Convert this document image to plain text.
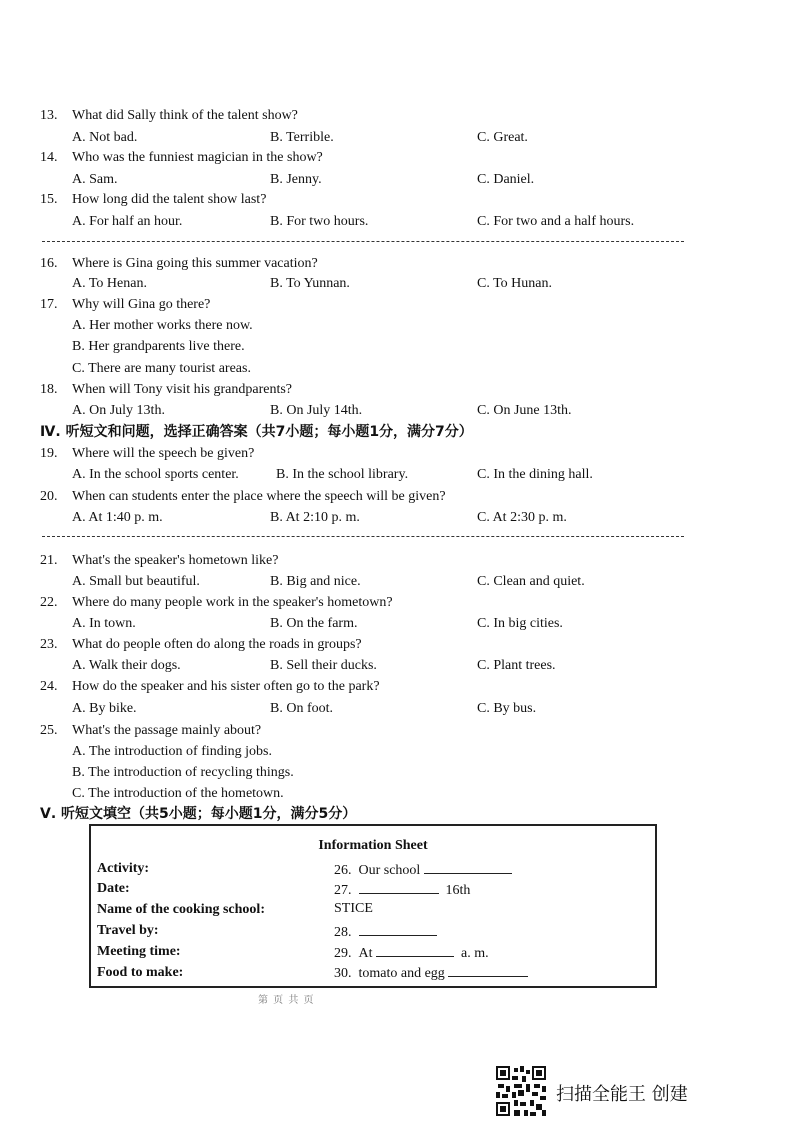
13. What did Sally think of the talent show?
A. Not bad.	B. Terrible.	C. Great.
14. Who was the funniest magician in the show?
A. Sam.	B. Jenny.	C. Daniel.
15. How long did the talent show last?
A. For half an hour.	B. For two hours.	C. For two and a half hours.
16. Where is Gina going this summer vacation?
A. To Henan.	B. To Yunnan.	C. To Hunan.
17. Why will Gina go there?
A. Her mother works there now.
B. Her grandparents live there.
C. There are many tourist areas.
18. When will Tony visit his grandparents?
A. On July 13th.	B. On July 14th.	C. On June 13th.
Ⅳ. 听短文和问题，选择正确答案（共7小题；每小题1分，满分7分）
19. Where will the speech be given?
A. In the school sports center.	B. In the school library.	C. In the dining hall.
20. When can students enter the place where the speech will be given?
A. At 1:40 p. m.	B. At 2:10 p. m.	C. At 2:30 p. m.
21. What's the speaker's hometown like?
A. Small but beautiful.	B. Big and nice.	C. Clean and quiet.
22. Where do many people work in the speaker's hometown?
A. In town.	B. On the farm.	C. In big cities.
23. What do people often do along the roads in groups?
A. Walk their dogs.	B. Sell their ducks.	C. Plant trees.
24. How do the speaker and his sister often go to the park?
A. By bike.	B. On foot.	C. By bus.
25. What's the passage mainly about?
A. The introduction of finding jobs.
B. The introduction of recycling things.
C. The introduction of the hometown.
Ⅴ. 听短文填空（共5小题；每小题1分，满分5分）
Information Sheet
Activity:	26. Our school
Date:	27.	16th
Name of the cooking school:	STICE
Travel by:	28.
Meeting time:	29. At	a. m.
Food to make:	30. tomato and egg
第 页 共 页
扫描全能王 创建
